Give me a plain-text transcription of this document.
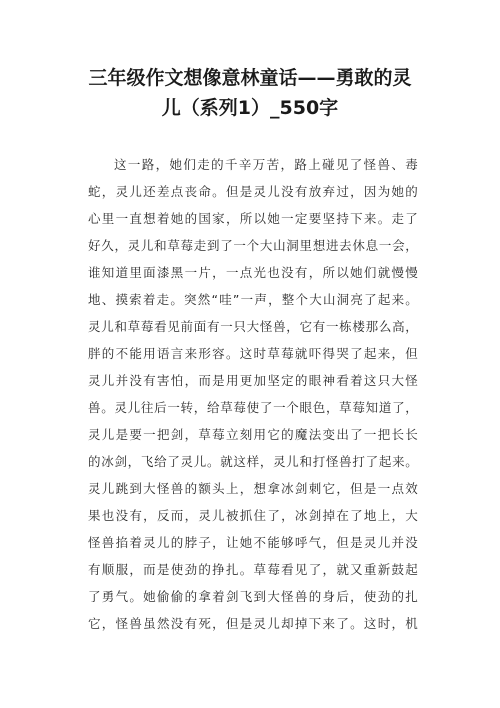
三年级作文想像意林童话——勇敢的灵
儿（系列1）_550字
这一路，她们走的千辛万苦，路上碰见了怪兽、毒
蛇，灵儿还差点丧命。但是灵儿没有放弃过，因为她的
心里一直想着她的国家，所以她一定要坚持下来。走了
好久，灵儿和草莓走到了一个大山洞里想进去休息一会，
谁知道里面漆黑一片，一点光也没有，所以她们就慢慢
地、摸索着走。突然“哇”一声，整个大山洞亮了起来。
灵儿和草莓看见前面有一只大怪兽，它有一栋楼那么高，
胖的不能用语言来形容。这时草莓就吓得哭了起来，但
灵儿并没有害怕，而是用更加坚定的眼神看着这只大怪
兽。灵儿往后一转，给草莓使了一个眼色，草莓知道了，
灵儿是要一把剑，草莓立刻用它的魔法变出了一把长长
的冰剑，飞给了灵儿。就这样，灵儿和打怪兽打了起来。
灵儿跳到大怪兽的额头上，想拿冰剑刺它，但是一点效
果也没有，反而，灵儿被抓住了，冰剑掉在了地上，大
怪兽掐着灵儿的脖子，让她不能够呼气，但是灵儿并没
有顺服，而是使劲的挣扎。草莓看见了，就又重新鼓起
了勇气。她偷偷的拿着剑飞到大怪兽的身后，使劲的扎
它，怪兽虽然没有死，但是灵儿却掉下来了。这时，机
